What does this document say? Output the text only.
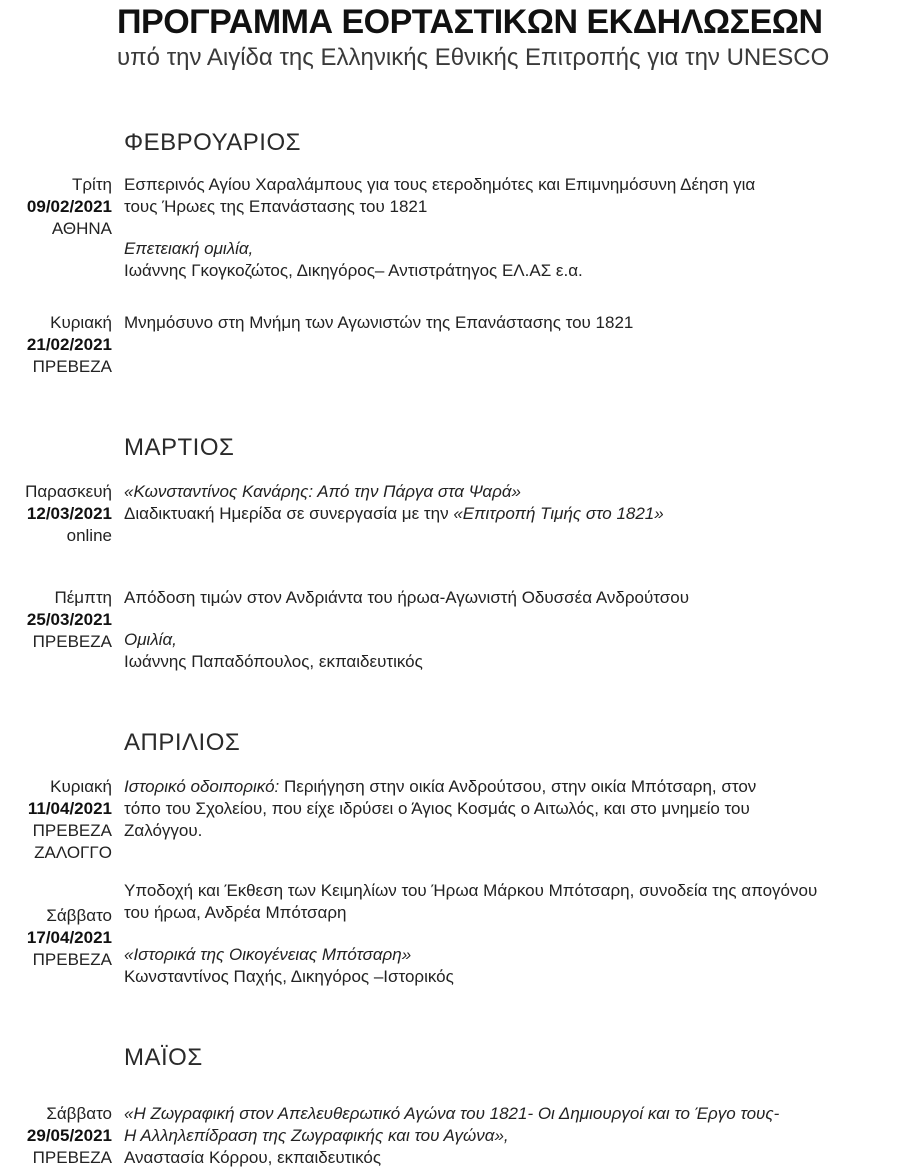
ΠΡΟΓΡΑΜΜΑ ΕΟΡΤΑΣΤΙΚΩΝ ΕΚΔΗΛΩΣΕΩΝ
υπό την Αιγίδα της Ελληνικής Εθνικής Επιτροπής για την UNESCO
ΦΕΒΡΟΥΑΡΙΟΣ
Τρίτη
09/02/2021
ΑΘΗΝΑ

Εσπερινός Αγίου Χαραλάμπους για τους ετεροδημότες και Επιμνημόσυνη Δέηση για
τους Ήρωες της Επανάστασης του 1821

Επετειακή ομιλία,

Ιωάννης Γκογκοζώτος, Δικηγόρος– Αντιστράτηγος ΕΛ.ΑΣ ε.α.

Κυριακή
21/02/2021
ΠΡΕΒΕΖΑ

Μνημόσυνο στη Μνήμη των Αγωνιστών της Επανάστασης του 1821

ΜΑΡΤΙΟΣ
Παρασκευή
12/03/2021
online

«Κωνσταντίνος Κανάρης: Από την Πάργα στα Ψαρά»

Διαδικτυακή Ημερίδα σε συνεργασία με την «Επιτροπή Τιμής στο 1821»

Πέμπτη
25/03/2021
ΠΡΕΒΕΖΑ

Απόδοση τιμών στον Ανδριάντα του ήρωα-Αγωνιστή Οδυσσέα Ανδρούτσου

Ομιλία,

Ιωάννης Παπαδόπουλος, εκπαιδευτικός

ΑΠΡΙΛΙΟΣ
Κυριακή
11/04/2021
ΠΡΕΒΕΖΑ
ΖΑΛΟΓΓΟ

Ιστορικό οδοιπορικό: Περιήγηση στην οικία Ανδρούτσου, στην οικία Μπότσαρη, στον
τόπο του Σχολείου, που είχε ιδρύσει ο Άγιος Κοσμάς ο Αιτωλός, και στο μνημείο του
Ζαλόγγου.

Σάββατο
17/04/2021
ΠΡΕΒΕΖΑ

Υποδοχή και Έκθεση των Κειμηλίων του Ήρωα Μάρκου Μπότσαρη, συνοδεία της απογόνου
του ήρωα, Ανδρέα Μπότσαρη

«Ιστορικά της Οικογένειας Μπότσαρη»

Κωνσταντίνος Παχής, Δικηγόρος –Ιστορικός

ΜΑΪΟΣ
Σάββατο
29/05/2021
ΠΡΕΒΕΖΑ

«Η Ζωγραφική στον Απελευθερωτικό Αγώνα του 1821- Οι Δημιουργοί και το Έργο τους-
Η Αλληλεπίδραση της Ζωγραφικής και του Αγώνα»,

Αναστασία Κόρρου, εκπαιδευτικός
